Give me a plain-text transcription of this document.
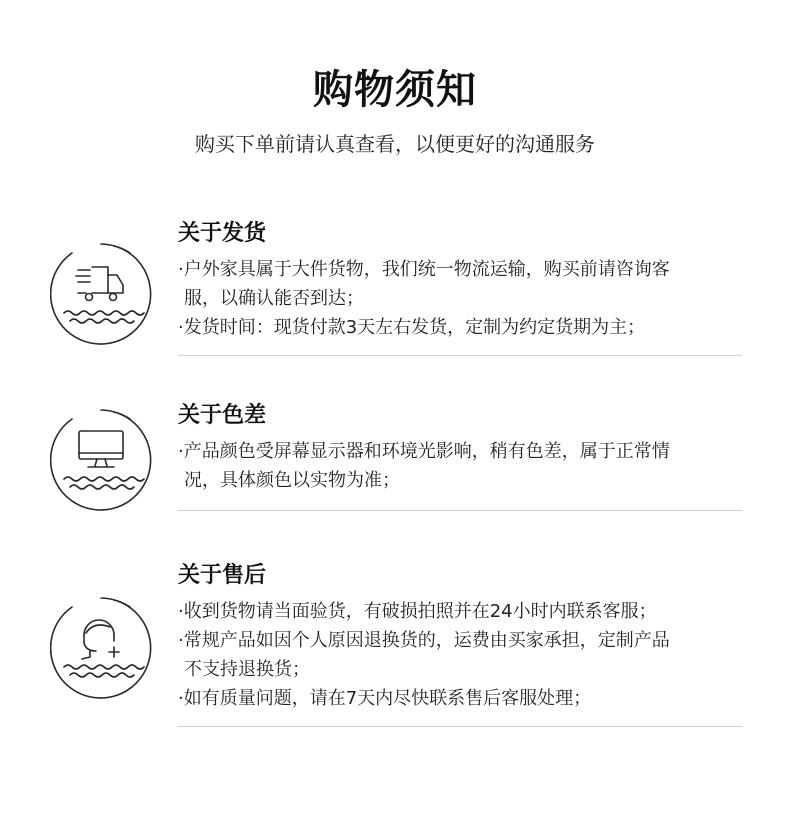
购物须知
购买下单前请认真查看，以便更好的沟通服务
关于发货

·户外家具属于大件货物，我们统一物流运输，购买前请咨询客

服，以确认能否到达；

·发货时间：现货付款3天左右发货，定制为约定货期为主；

关于色差

·产品颜色受屏幕显示器和环境光影响，稍有色差，属于正常情

况，具体颜色以实物为准；

关于售后

·收到货物请当面验货，有破损拍照并在24小时内联系客服；

·常规产品如因个人原因退换货的，运费由买家承担，定制产品

不支持退换货；

·如有质量问题，请在7天内尽快联系售后客服处理；
